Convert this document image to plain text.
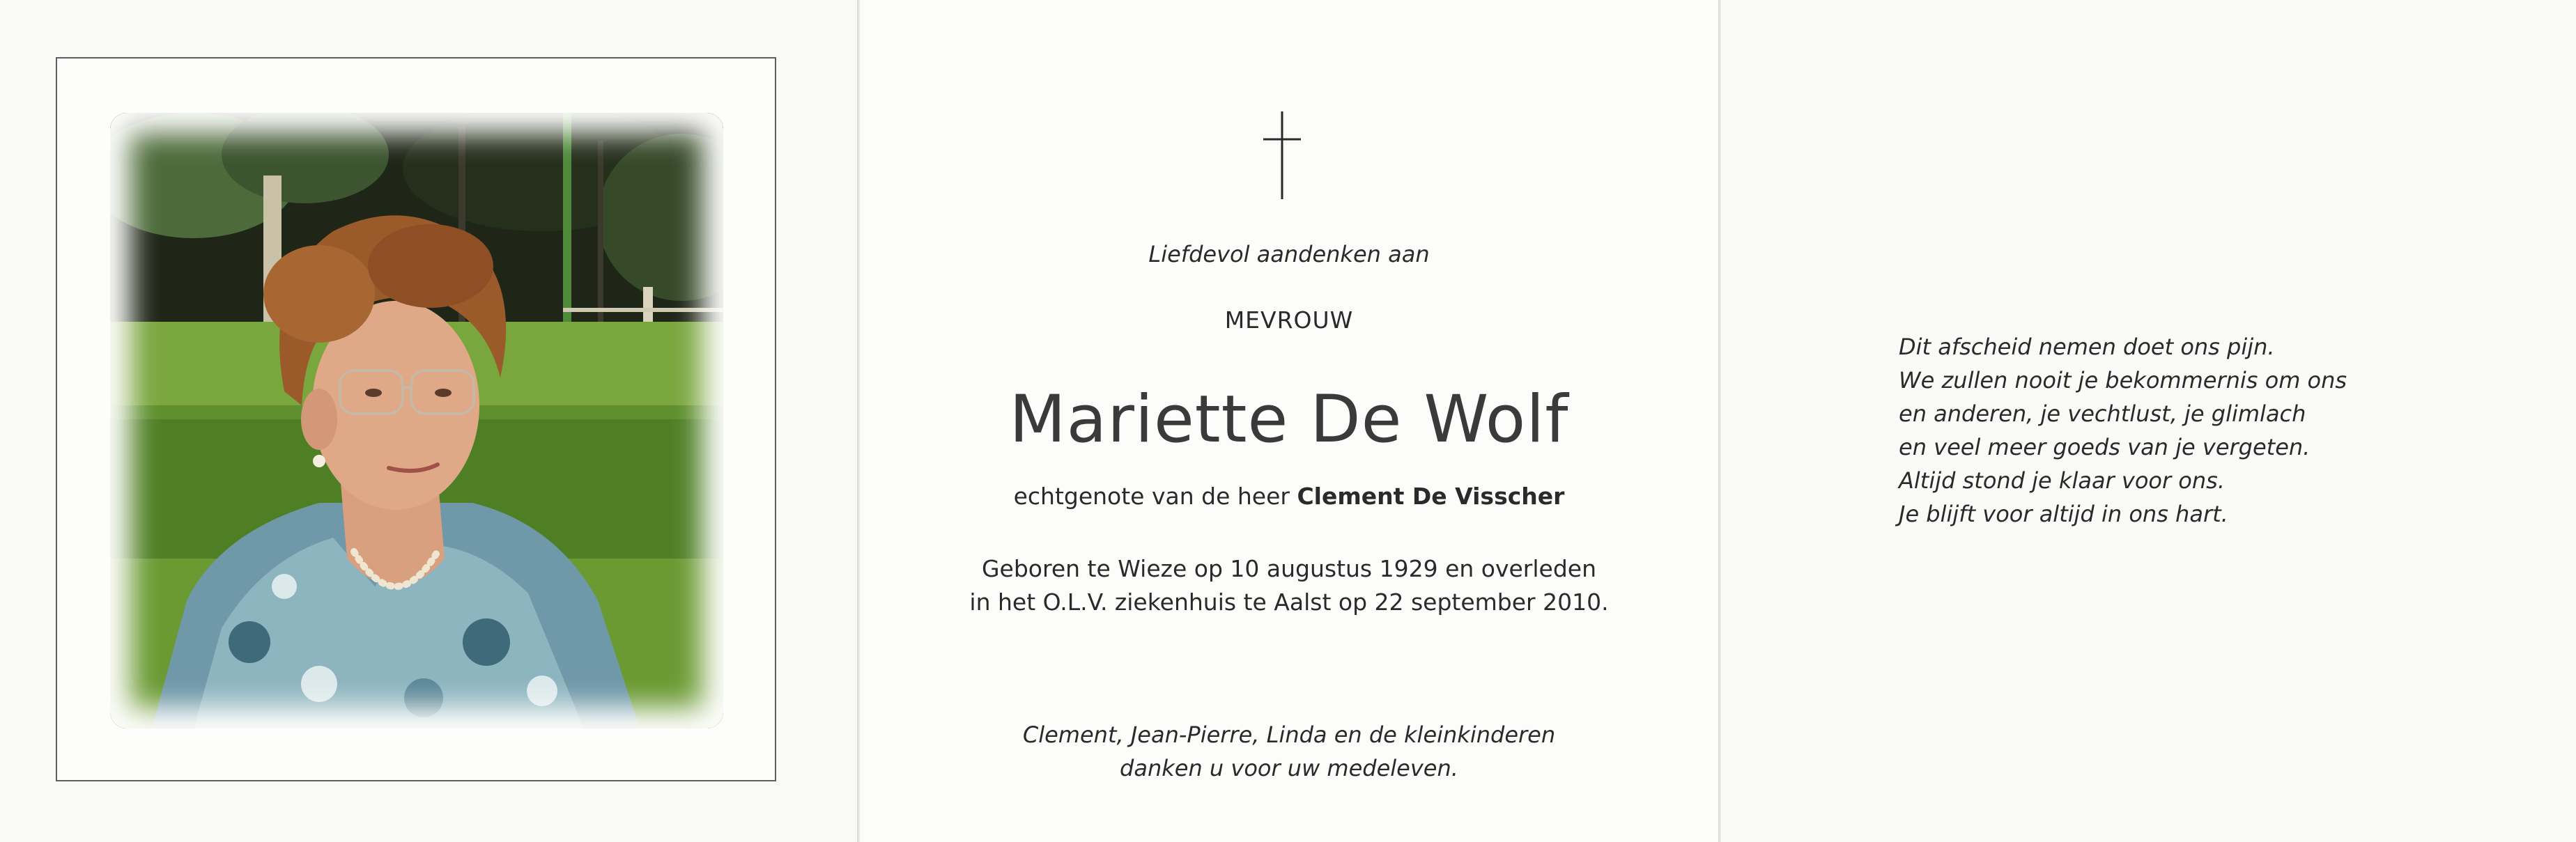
Liefdevol aandenken aan
MEVROUW
Mariette De Wolf
echtgenote van de heer Clement De Visscher
Geboren te Wieze op 10 augustus 1929 en overleden
in het O.L.V. ziekenhuis te Aalst op 22 september 2010.
Clement, Jean-Pierre, Linda en de kleinkinderen
danken u voor uw medeleven.
Dit afscheid nemen doet ons pijn.
We zullen nooit je bekommernis om ons
en anderen, je vechtlust, je glimlach
en veel meer goeds van je vergeten.
Altijd stond je klaar voor ons.
Je blijft voor altijd in ons hart.
